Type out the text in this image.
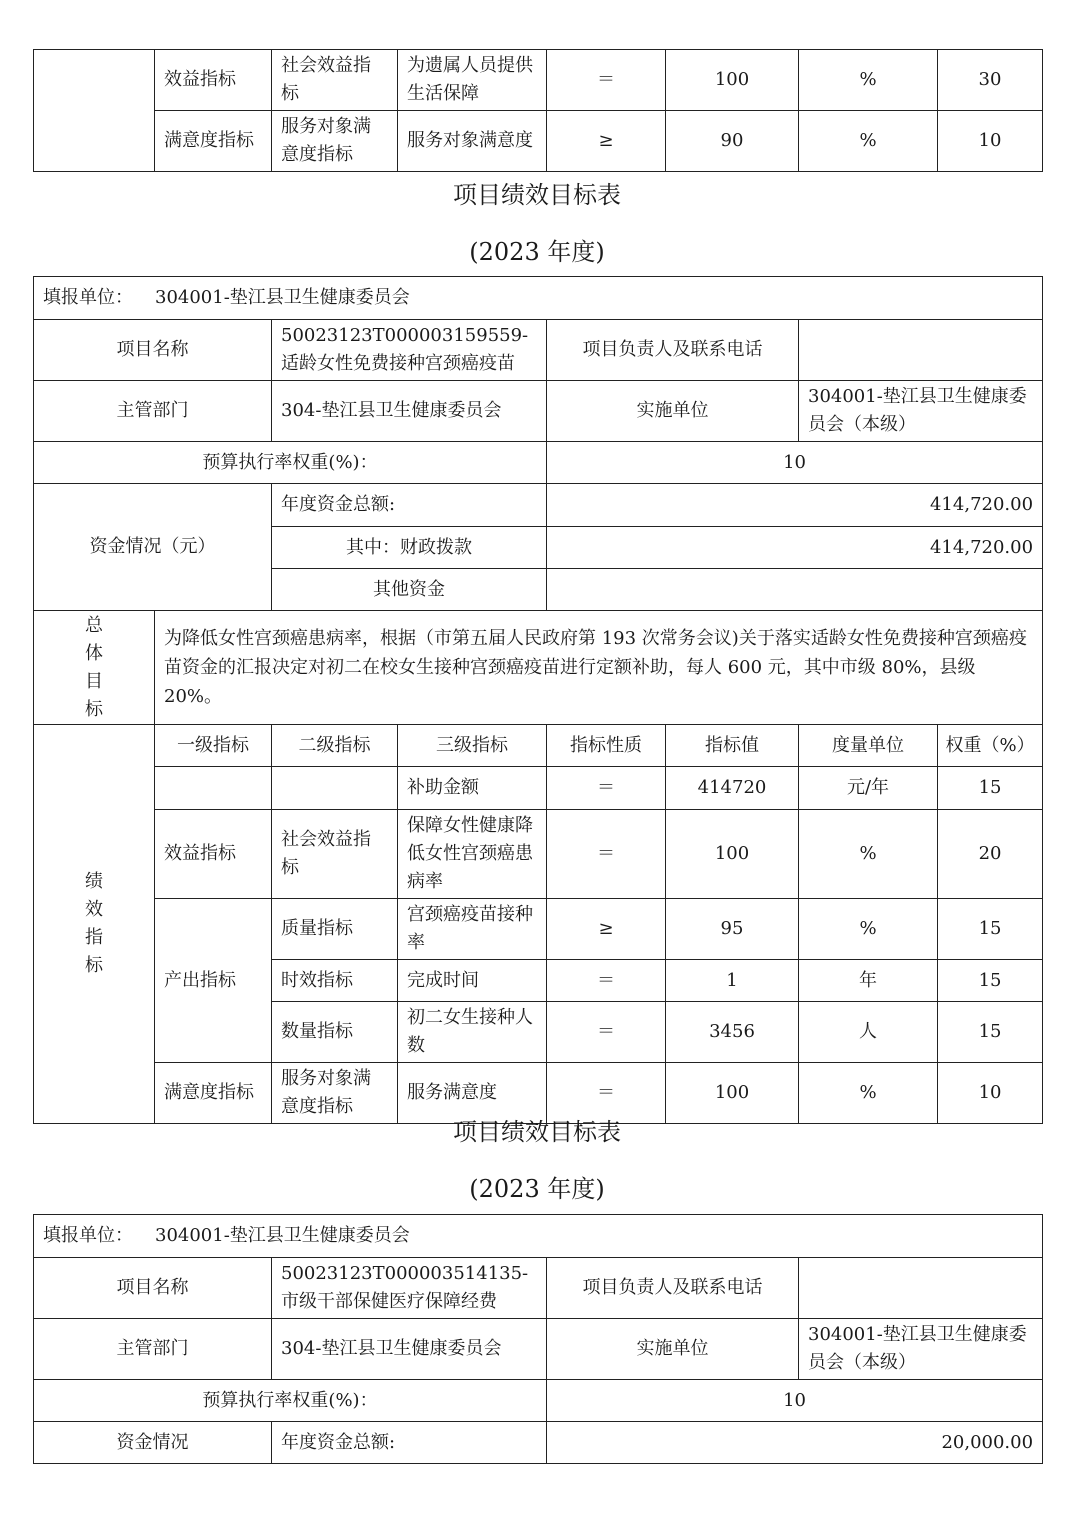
	效益指标	社会效益指标	为遗属人员提供生活保障	＝	100	%	30
	满意度指标	服务对象满意度指标	服务对象满意度	≥	90	%	10
项目绩效目标表
(2023 年度)
填报单位： 304001-垫江县卫生健康委员会							
项目名称		50023123T000003159559-适龄女性免费接种宫颈癌疫苗		项目负责人及联系电话			
主管部门		304-垫江县卫生健康委员会		实施单位		304001-垫江县卫生健康委员会（本级）	
预算执行率权重(%)：				10			
资金情况（元）		年度资金总额:		414,720.00			
		其中：财政拨款		414,720.00			
		其他资金					

总
体
目
标	为降低女性宫颈癌患病率，根据（市第五届人民政府第 193 次常务会议)关于落实适龄女性免费接种宫颈癌疫苗资金的汇报决定对初二在校女生接种宫颈癌疫苗进行定额补助，每人 600 元，其中市级 80%，县级 20%。						

绩
效
指
标	一级指标	二级指标	三级指标	指标性质	指标值	度量单位	权重（%）
			补助金额	＝	414720	元/年	15
	效益指标	社会效益指标	保障女性健康降低女性宫颈癌患病率	＝	100	%	20
	产出指标	质量指标	宫颈癌疫苗接种率	≥	95	%	15
		时效指标	完成时间	＝	1	年	15
		数量指标	初二女生接种人数	＝	3456	人	15
	满意度指标	服务对象满意度指标	服务满意度	＝	100	%	10
项目绩效目标表
(2023 年度)
填报单位： 304001-垫江县卫生健康委员会			
项目名称	50023123T000003514135-市级干部保健医疗保障经费	项目负责人及联系电话	
主管部门	304-垫江县卫生健康委员会	实施单位	304001-垫江县卫生健康委员会（本级）
预算执行率权重(%)：		10	
资金情况	年度资金总额:	20,000.00	
